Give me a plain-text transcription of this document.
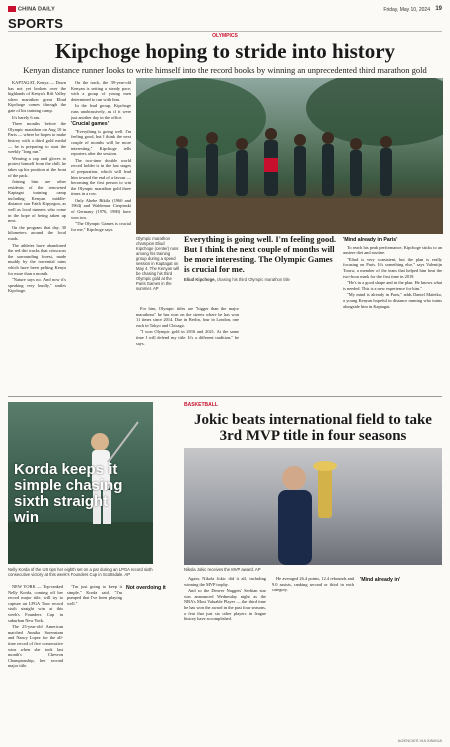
CHINA DAILY	Friday, May 10, 2024 19
SPORTS
OLYMPICS
Kipchoge hoping to stride into history
Kenyan distance runner looks to write himself into the record books by winning an unprecedented third marathon gold

KAPTAGAT, Kenya — Dawn has not yet broken over the highlands of Kenya's Rift Valley when marathon great Eliud Kipchoge comes through the gate of his training camp.

It's barely 6 am.

Three months before the Olympic marathon on Aug 10 in Paris — where he hopes to make history with a third gold medal — he is preparing to start the weekly "long run."

Wearing a cap and gloves to protect himself from the chill, he takes up his position at the front of the pack.

Joining him are other residents of the renowned Kaptagat training camp including Kenyan middle-distance star Faith Kipyegon, as well as local runners who come in the hope of being taken up next.

On the program that day, 30 kilometers around the local roads.

The athletes have abandoned the red dirt tracks that crisscross the surrounding forest, made muddy by the torrential rains which have been pelting Kenya for more than a month.

"Nature says no. And now it's speaking very loudly," smiles Kipchoge.

On the track, the 39-year-old Kenyan is setting a steady pace, with a group of young men determined to run with him.

In the lead group, Kipchoge runs unobtrusively, as if it were just another day in the office.

'Crucial games'

"Everything is going well. I'm feeling good, but I think the next couple of months will be more interesting," Kipchoge tells reporters after the session.

The two-time double world record holder is in the last stages of preparation, which will lead him toward the end of a favour — becoming the first person to win the Olympic marathon gold three times in a row.

Only Abebe Bikila (1960 and 1964) and Waldemar Cierpinski of Germany (1976, 1980) have won two.

"The Olympic Games is crucial for me," Kipchoge says.

Olympic marathon champion Eliud Kipchoge (center) runs among his training group during a speed session in Kaptagat on May 4. The Kenyan will be chasing his third Olympic gold at the Paris Games in the summer. AP
Everything is going well. I'm feeling good. But I think the next couple of months will be more interesting. The Olympic Games is crucial for me.
Eliud Kipchoge, chasing his third Olympic marathon title

For him, Olympic titles are "bigger than the major marathons" he has won on the streets where he has won 11 times since 2014. Due in Berlin, four in London, one each in Tokyo and Chicago.

"I won Olympic gold in 2016 and 2021. At the same time I will defend my title. It's a different tradition," he says.

'Mind already in Paris'

To reach his peak performance, Kipchoge sticks to an austere diet and routine.

"Eliud is very consistent, but the plan is really focusing on Paris. It's something else," says Valentijn Trouw, a member of the team that helped him beat the two-hour mark for the first time in 2019.

"He's in a good shape and in the plan. He knows what is needed. This is a new experience for him."

"My mind is already in Paris," adds Daniel Mateiko, a young Kenyan hopeful in distance running who trains alongside him in Kaptagat.

Korda keeps it simple chasing sixth straight win
Nelly Korda of the US tips her eighth set on a par during an LPGA record sixth consecutive victory at this week's Founders Cup in Scottsdale. AP

NEW YORK — Top-ranked Nelly Korda, coming off her record major title, will try to capture an LPGA Tour record sixth straight win at this week's Founders Cup in suburban New York.

The 25-year-old American matched Annika Sorenstam and Nancy Lopez for the all-time record of five consecutive wins when she took last month's Chevron Championship, her second major title.

"I'm just going to keep it simple," Korda said. "I'm pumped that I've been playing well."

Not overdoing it
BASKETBALL
Jokic beats international field to take 3rd MVP title in four seasons
Nikola Jokic receives the MVP award. AP

Again, Nikola Jokic did it all, including winning the MVP trophy.

And so the Denver Nuggets' Serbian star was announced Wednesday night as the NBA's Most Valuable Player — the third time he has won the award in the past four seasons, a feat that just six other players in league history have accomplished.

He averaged 26.4 points, 12.4 rebounds and 9.0 assists, ranking second or third in each category.

'Mind already in'
AGENCIES VIA XINHUA
